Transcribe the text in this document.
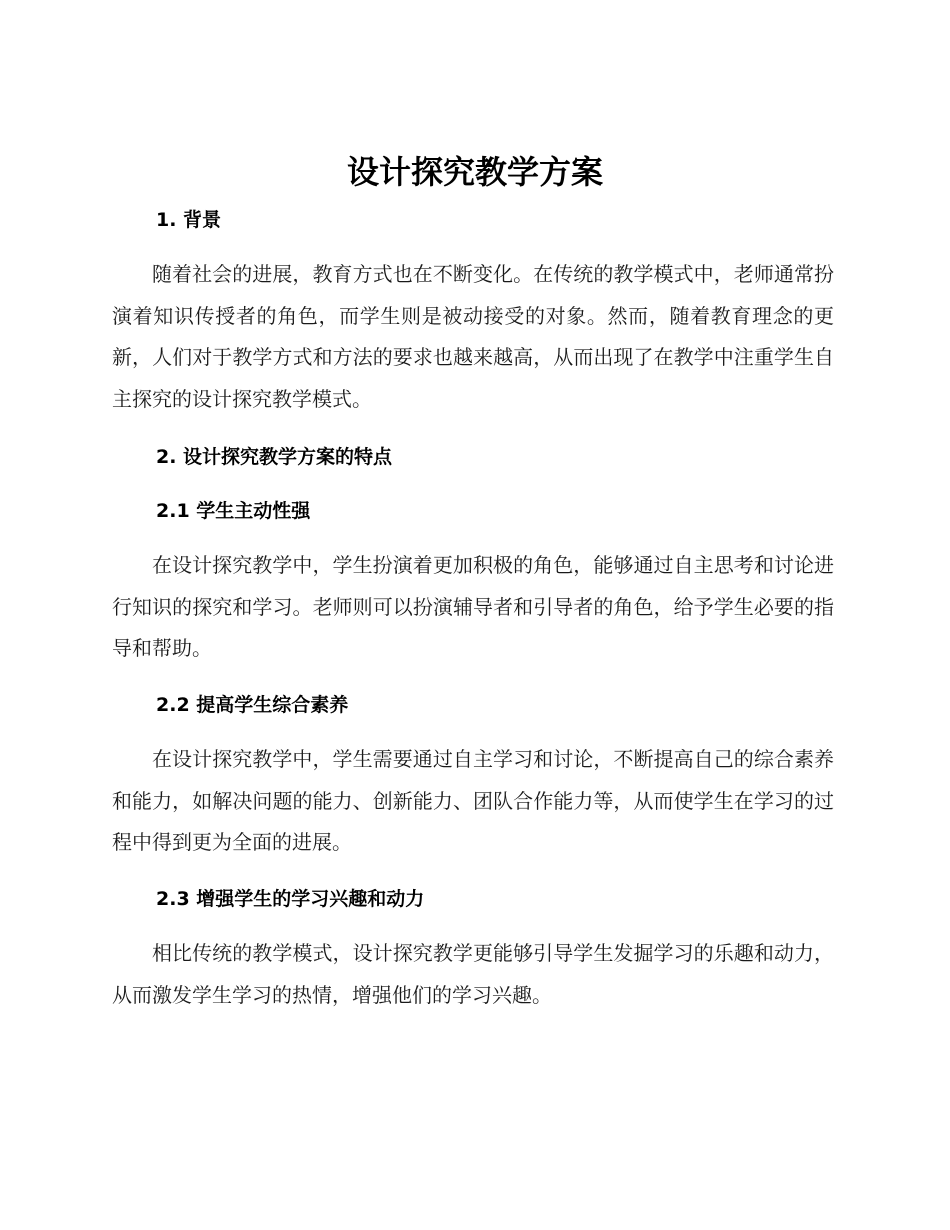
设计探究教学方案
1. 背景

随着社会的进展，教育方式也在不断变化。在传统的教学模式中，老师通常扮演着知识传授者的角色，而学生则是被动接受的对象。然而，随着教育理念的更新，人们对于教学方式和方法的要求也越来越高，从而出现了在教学中注重学生自主探究的设计探究教学模式。

2. 设计探究教学方案的特点
2.1 学生主动性强

在设计探究教学中，学生扮演着更加积极的角色，能够通过自主思考和讨论进行知识的探究和学习。老师则可以扮演辅导者和引导者的角色，给予学生必要的指导和帮助。

2.2 提高学生综合素养

在设计探究教学中，学生需要通过自主学习和讨论，不断提高自己的综合素养和能力，如解决问题的能力、创新能力、团队合作能力等，从而使学生在学习的过程中得到更为全面的进展。

2.3 增强学生的学习兴趣和动力

相比传统的教学模式，设计探究教学更能够引导学生发掘学习的乐趣和动力，从而激发学生学习的热情，增强他们的学习兴趣。
